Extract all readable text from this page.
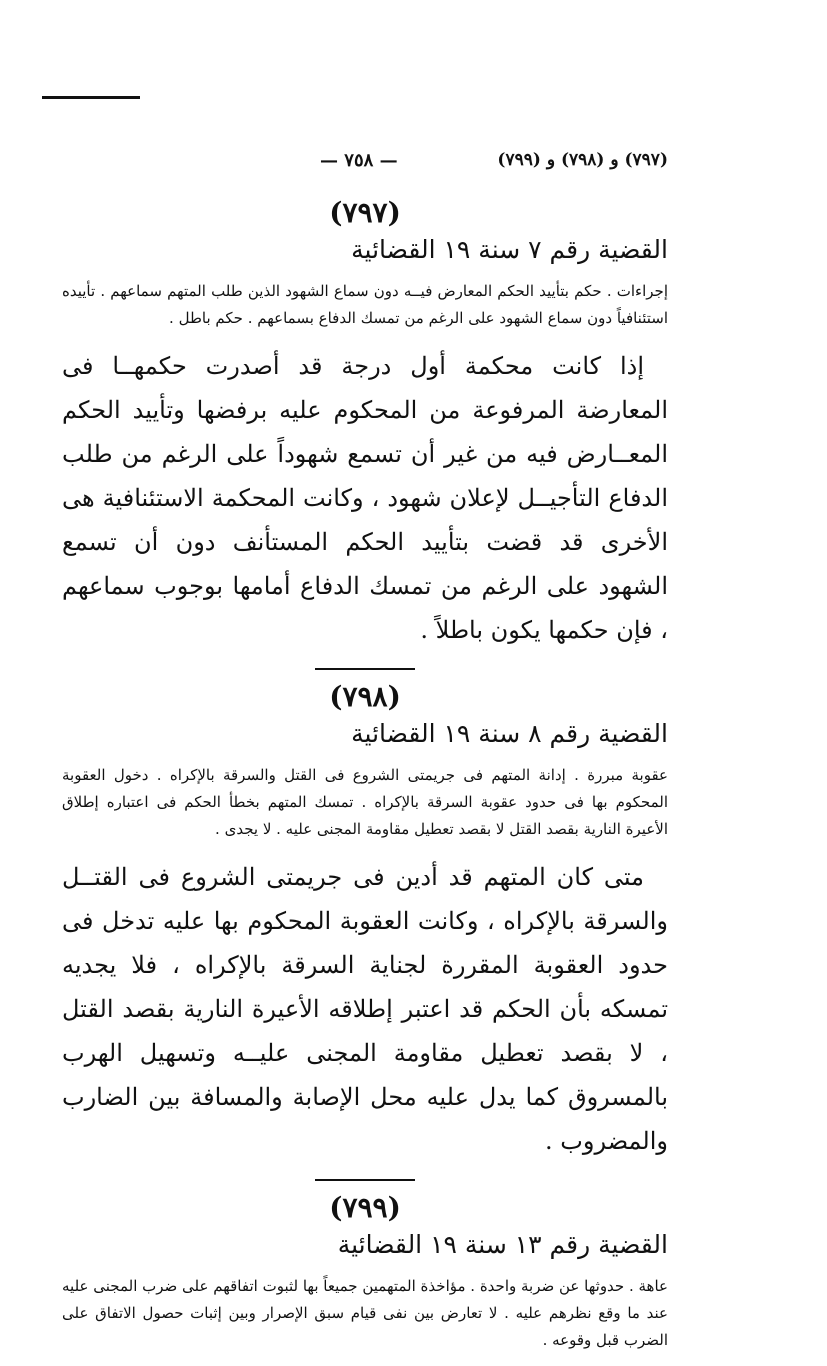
(٧٩٧) و (٧٩٨) و (٧٩٩)
— ٧٥٨ —
(٧٩٧)
القضية رقم ٧ سنة ١٩ القضائية

إجراءات . حكم بتأييد الحكم المعارض فيــه دون سماع الشهود الذين طلب المتهم سماعهم . تأييده استئنافياً دون سماع الشهود على الرغم من تمسك الدفاع بسماعهم . حكم باطل .

إذا كانت محكمة أول درجة قد أصدرت حكمهــا فى المعارضة المرفوعة من المحكوم عليه برفضها وتأييد الحكم المعــارض فيه من غير أن تسمع شهوداً على الرغم من طلب الدفاع التأجيــل لإعلان شهود ، وكانت المحكمة الاستئنافية هى الأخرى قد قضت بتأييد الحكم المستأنف دون أن تسمع الشهود على الرغم من تمسك الدفاع أمامها بوجوب سماعهم ، فإن حكمها يكون باطلاً .

(٧٩٨)
القضية رقم ٨ سنة ١٩ القضائية

عقوبة مبررة . إدانة المتهم فى جريمتى الشروع فى القتل والسرقة بالإكراه . دخول العقوبة المحكوم بها فى حدود عقوبة السرقة بالإكراه . تمسك المتهم بخطأ الحكم فى اعتباره إطلاق الأعيرة النارية بقصد القتل لا بقصد تعطيل مقاومة المجنى عليه . لا يجدى .

متى كان المتهم قد أدين فى جريمتى الشروع فى القتــل والسرقة بالإكراه ، وكانت العقوبة المحكوم بها عليه تدخل فى حدود العقوبة المقررة لجناية السرقة بالإكراه ، فلا يجديه تمسكه بأن الحكم قد اعتبر إطلاقه الأعيرة النارية بقصد القتل ، لا بقصد تعطيل مقاومة المجنى عليــه وتسهيل الهرب بالمسروق كما يدل عليه محل الإصابة والمسافة بين الضارب والمضروب .

(٧٩٩)
القضية رقم ١٣ سنة ١٩ القضائية

عاهة . حدوثها عن ضربة واحدة . مؤاخذة المتهمين جميعاً بها لثبوت اتفاقهم على ضرب المجنى عليه عند ما وقع نظرهم عليه . لا تعارض بين نفى قيام سبق الإصرار وبين إثبات حصول الاتفاق على الضرب قبل وقوعه .
